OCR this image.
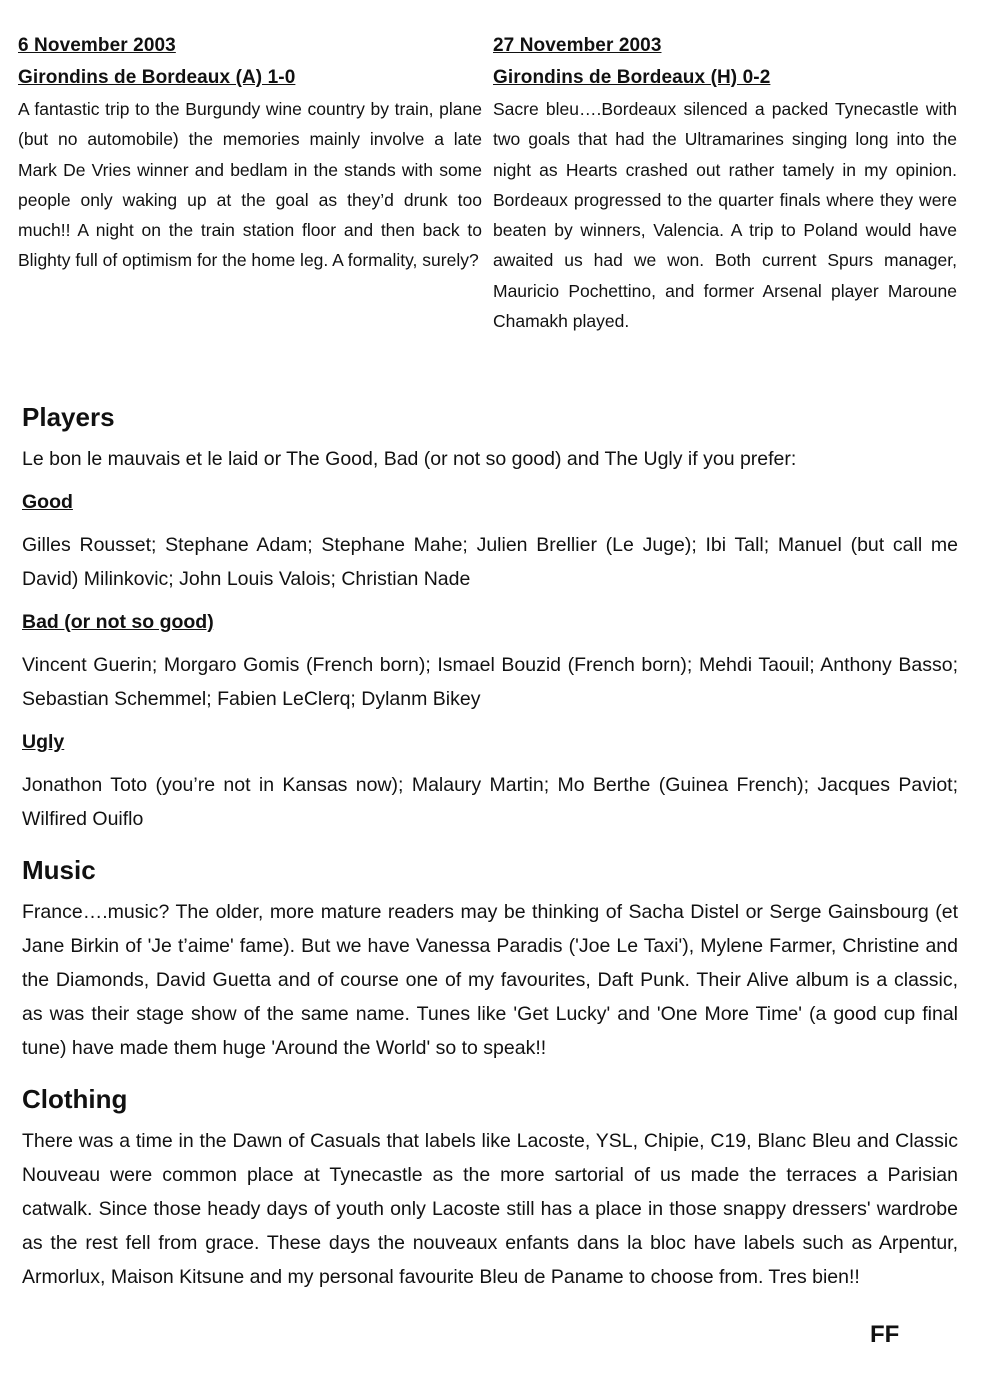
6 November 2003

Girondins de Bordeaux (A) 1-0

A fantastic trip to the Burgundy wine country by train, plane (but no automobile) the memories mainly involve a late Mark De Vries winner and bedlam in the stands with some people only waking up at the goal as they’d drunk too much!! A night on the train station floor and then back to Blighty full of optimism for the home leg. A formality, surely?

27 November 2003

Girondins de Bordeaux (H) 0-2

Sacre bleu….Bordeaux silenced a packed Tynecastle with two goals that had the Ultramarines singing long into the night as Hearts crashed out rather tamely in my opinion. Bordeaux progressed to the quarter finals where they were beaten by winners, Valencia. A trip to Poland would have awaited us had we won. Both current Spurs manager, Mauricio Pochettino, and former Arsenal player Maroune Chamakh played.

Players

Le bon le mauvais et le laid or The Good, Bad (or not so good) and The Ugly if you prefer:

Good

Gilles Rousset; Stephane Adam; Stephane Mahe; Julien Brellier (Le Juge); Ibi Tall; Manuel (but call me David) Milinkovic; John Louis Valois; Christian Nade

Bad (or not so good)

Vincent Guerin; Morgaro Gomis (French born); Ismael Bouzid (French born); Mehdi Taouil; Anthony Basso; Sebastian Schemmel; Fabien LeClerq; Dylanm Bikey

Ugly

Jonathon Toto (you’re not in Kansas now); Malaury Martin; Mo Berthe (Guinea French); Jacques Paviot; Wilfired Ouiflo

Music

France….music? The older, more mature readers may be thinking of Sacha Distel or Serge Gainsbourg (et Jane Birkin of 'Je t’aime' fame). But we have Vanessa Paradis ('Joe Le Taxi'), Mylene Farmer, Christine and the Diamonds, David Guetta and of course one of my favourites, Daft Punk. Their Alive album is a classic, as was their stage show of the same name. Tunes like 'Get Lucky' and 'One More Time' (a good cup final tune) have made them huge 'Around the World' so to speak!!

Clothing

There was a time in the Dawn of Casuals that labels like Lacoste, YSL, Chipie, C19, Blanc Bleu and Classic Nouveau were common place at Tynecastle as the more sartorial of us made the terraces a Parisian catwalk. Since those heady days of youth only Lacoste still has a place in those snappy dressers' wardrobe as the rest fell from grace. These days the nouveaux enfants dans la bloc have labels such as Arpentur, Armorlux, Maison Kitsune and my personal favourite Bleu de Paname to choose from. Tres bien!!

FF
